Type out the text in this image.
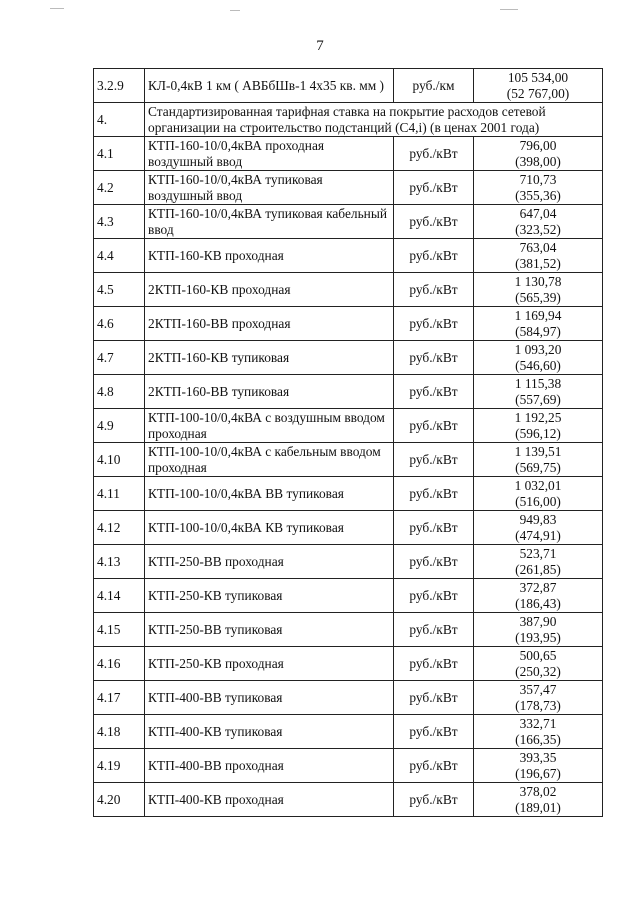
7
3.2.9	КЛ-0,4кВ 1 км ( АВБбШв-1 4х35 кв. мм )	руб./км	105 534,00
(52 767,00)

4.	Стандартизированная тарифная ставка на покрытие расходов сетевой организации на строительство подстанций (C4,i) (в ценах 2001 года)		
4.1	КТП-160-10/0,4кВА проходная воздушный ввод	руб./кВт	796,00
(398,00)

4.2	КТП-160-10/0,4кВА тупиковая воздушный ввод	руб./кВт	710,73
(355,36)

4.3	КТП-160-10/0,4кВА тупиковая кабельный ввод	руб./кВт	647,04
(323,52)

4.4	КТП-160-КВ проходная	руб./кВт	763,04
(381,52)

4.5	2КТП-160-КВ проходная	руб./кВт	1 130,78
(565,39)

4.6	2КТП-160-ВВ проходная	руб./кВт	1 169,94
(584,97)

4.7	2КТП-160-КВ тупиковая	руб./кВт	1 093,20
(546,60)

4.8	2КТП-160-ВВ тупиковая	руб./кВт	1 115,38
(557,69)

4.9	КТП-100-10/0,4кВА с воздушным вводом проходная	руб./кВт	1 192,25
(596,12)

4.10	КТП-100-10/0,4кВА с кабельным вводом проходная	руб./кВт	1 139,51
(569,75)

4.11	КТП-100-10/0,4кВА ВВ тупиковая	руб./кВт	1 032,01
(516,00)

4.12	КТП-100-10/0,4кВА КВ тупиковая	руб./кВт	949,83
(474,91)

4.13	КТП-250-ВВ проходная	руб./кВт	523,71
(261,85)

4.14	КТП-250-КВ тупиковая	руб./кВт	372,87
(186,43)

4.15	КТП-250-ВВ тупиковая	руб./кВт	387,90
(193,95)

4.16	КТП-250-КВ проходная	руб./кВт	500,65
(250,32)

4.17	КТП-400-ВВ тупиковая	руб./кВт	357,47
(178,73)

4.18	КТП-400-КВ тупиковая	руб./кВт	332,71
(166,35)

4.19	КТП-400-ВВ проходная	руб./кВт	393,35
(196,67)

4.20	КТП-400-КВ проходная	руб./кВт	378,02
(189,01)
